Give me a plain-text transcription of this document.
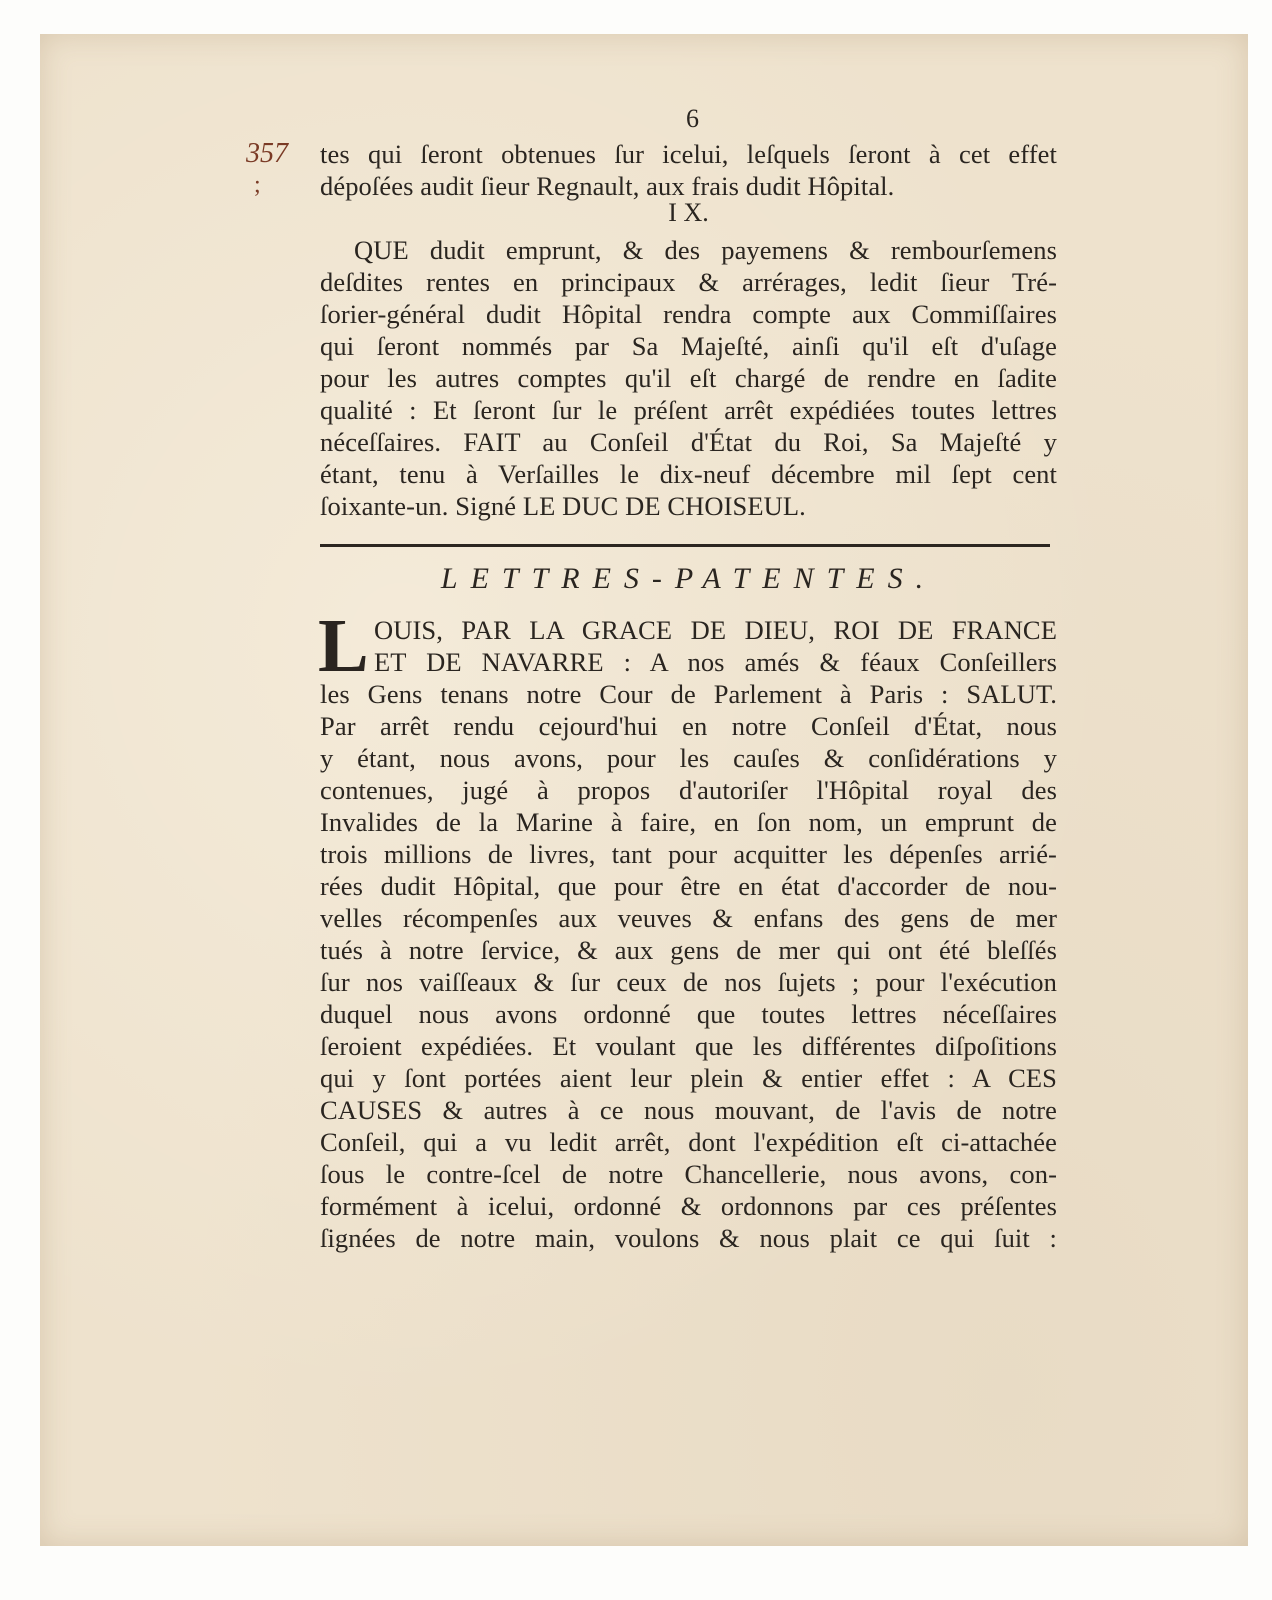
6
357
;
tes qui ſeront obtenues ſur icelui, leſquels ſeront à cet effet
dépoſées audit ſieur Regnault, aux frais dudit Hôpital.
I X.
QUE dudit emprunt, & des payemens & rembourſemens
deſdites rentes en principaux & arrérages, ledit ſieur Tré-
ſorier-général dudit Hôpital rendra compte aux Commiſſaires
qui ſeront nommés par Sa Majeſté, ainſi qu'il eſt d'uſage
pour les autres comptes qu'il eſt chargé de rendre en ſadite
qualité : Et ſeront ſur le préſent arrêt expédiées toutes lettres
néceſſaires. FAIT au Conſeil d'État du Roi, Sa Majeſté y
étant, tenu à Verſailles le dix-neuf décembre mil ſept cent
ſoixante-un. Signé LE DUC DE CHOISEUL.
LETTRES-PATENTES.
L OUIS, PAR LA GRACE DE DIEU, ROI DE FRANCE
ET DE NAVARRE : A nos amés & féaux Conſeillers
les Gens tenans notre Cour de Parlement à Paris : SALUT.
Par arrêt rendu cejourd'hui en notre Conſeil d'État, nous
y étant, nous avons, pour les cauſes & conſidérations y
contenues, jugé à propos d'autoriſer l'Hôpital royal des
Invalides de la Marine à faire, en ſon nom, un emprunt de
trois millions de livres, tant pour acquitter les dépenſes arrié-
rées dudit Hôpital, que pour être en état d'accorder de nou-
velles récompenſes aux veuves & enfans des gens de mer
tués à notre ſervice, & aux gens de mer qui ont été bleſſés
ſur nos vaiſſeaux & ſur ceux de nos ſujets ; pour l'exécution
duquel nous avons ordonné que toutes lettres néceſſaires
ſeroient expédiées. Et voulant que les différentes diſpoſitions
qui y ſont portées aient leur plein & entier effet : A CES
CAUSES & autres à ce nous mouvant, de l'avis de notre
Conſeil, qui a vu ledit arrêt, dont l'expédition eſt ci-attachée
ſous le contre-ſcel de notre Chancellerie, nous avons, con-
formément à icelui, ordonné & ordonnons par ces préſentes
ſignées de notre main, voulons & nous plait ce qui ſuit :
